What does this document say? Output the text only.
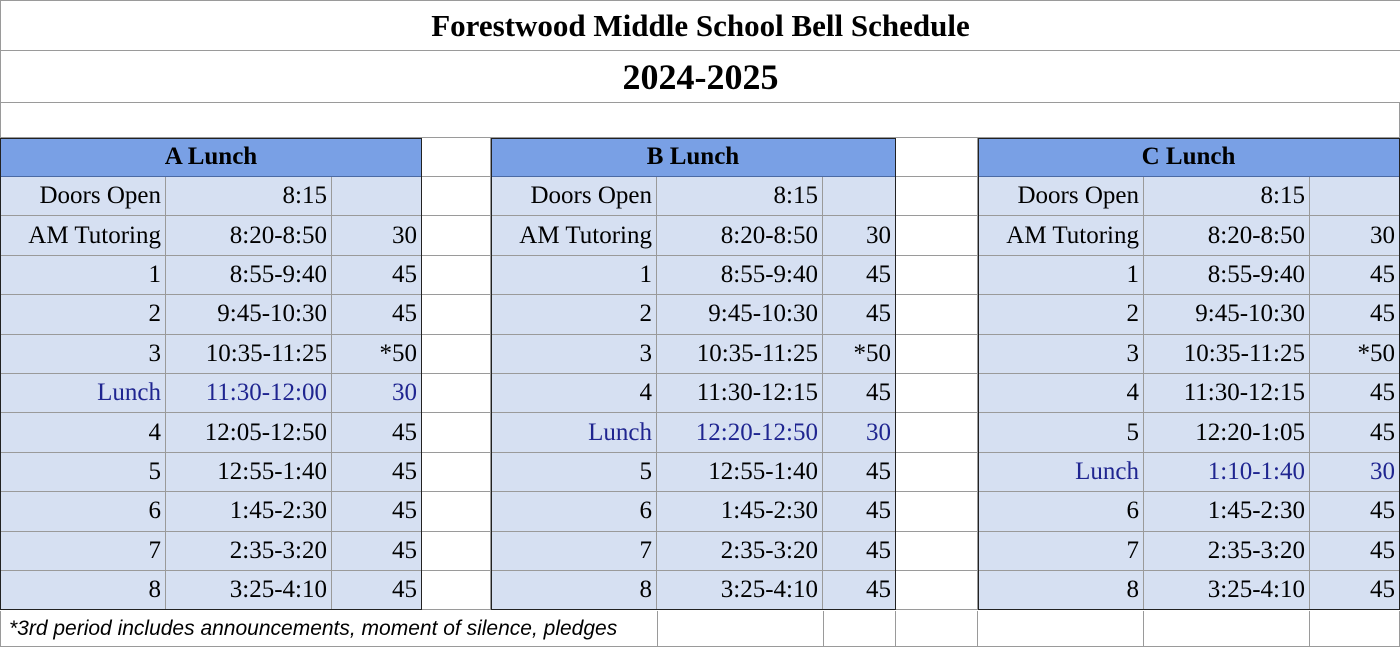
Forestwood Middle School Bell Schedule
2024-2025
A Lunch
Doors Open	8:15
AM Tutoring	8:20-8:50	30
1	8:55-9:40	45
2	9:45-10:30	45
3	10:35-11:25	*50
Lunch	11:30-12:00	30
4	12:05-12:50	45
5	12:55-1:40	45
6	1:45-2:30	45
7	2:35-3:20	45
8	3:25-4:10	45
B Lunch
Doors Open	8:15
AM Tutoring	8:20-8:50	30
1	8:55-9:40	45
2	9:45-10:30	45
3	10:35-11:25	*50
4	11:30-12:15	45
Lunch	12:20-12:50	30
5	12:55-1:40	45
6	1:45-2:30	45
7	2:35-3:20	45
8	3:25-4:10	45
C Lunch
Doors Open	8:15
AM Tutoring	8:20-8:50	30
1	8:55-9:40	45
2	9:45-10:30	45
3	10:35-11:25	*50
4	11:30-12:15	45
5	12:20-1:05	45
Lunch	1:10-1:40	30
6	1:45-2:30	45
7	2:35-3:20	45
8	3:25-4:10	45
*3rd period includes announcements, moment of silence, pledges
